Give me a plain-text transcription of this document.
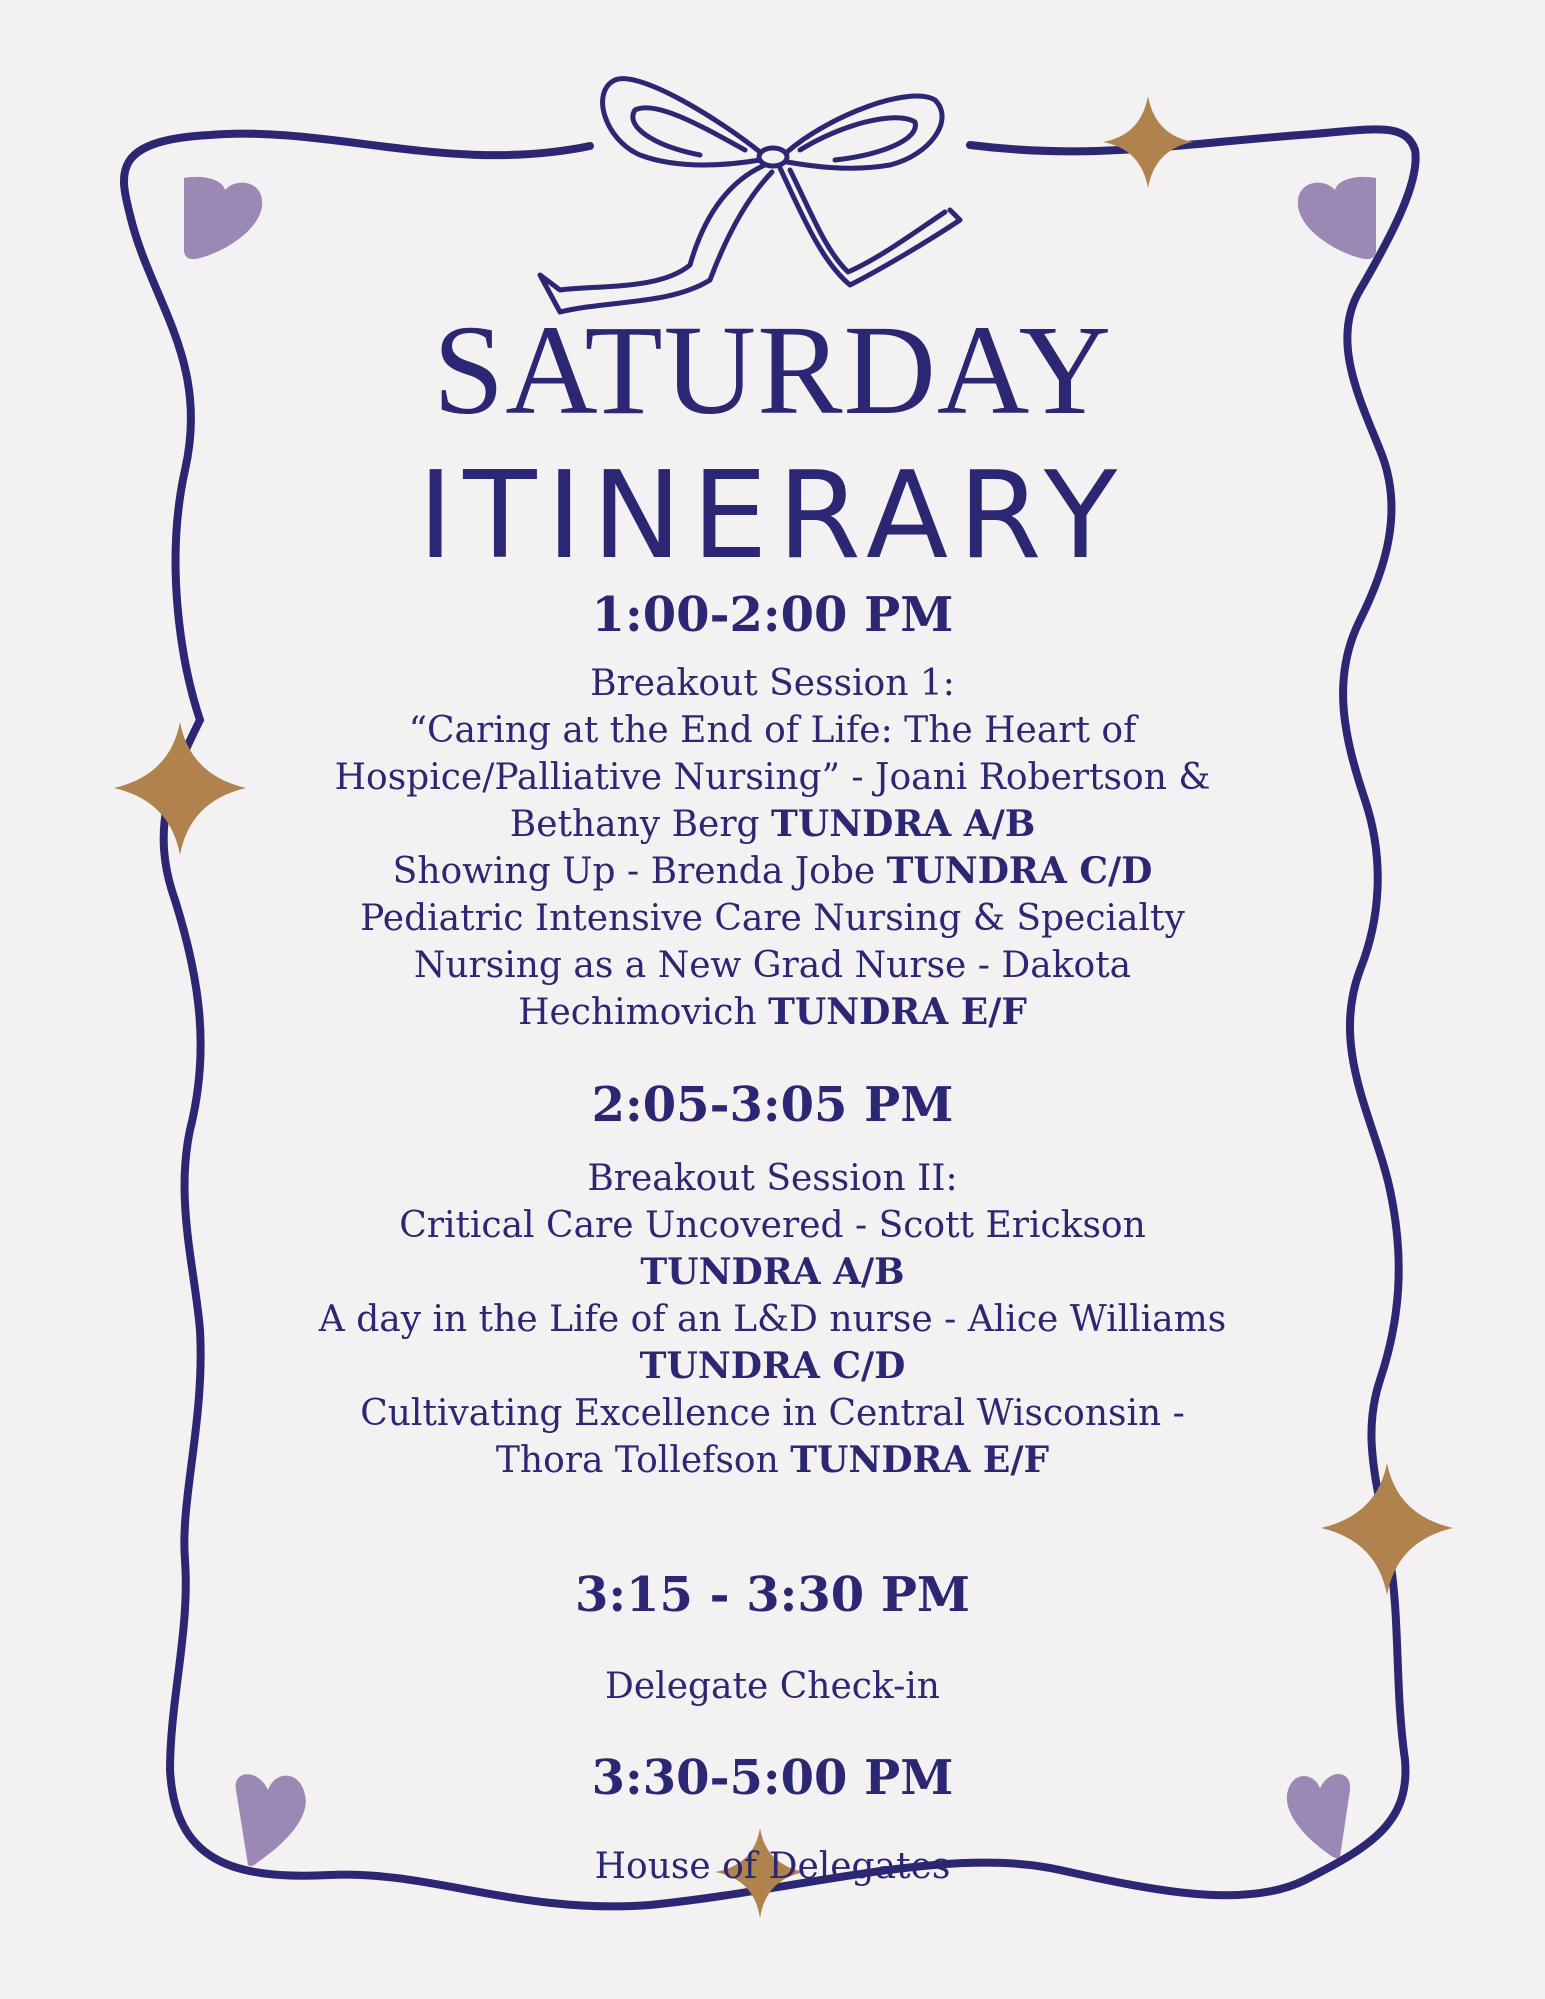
SATURDAY
ITINERARY
1:00-2:00 PM
Breakout Session 1:
“Caring at the End of Life: The Heart of
Hospice/Palliative Nursing” - Joani Robertson &
Bethany Berg TUNDRA A/B
Showing Up - Brenda Jobe TUNDRA C/D
Pediatric Intensive Care Nursing & Specialty
Nursing as a New Grad Nurse - Dakota
Hechimovich TUNDRA E/F
2:05-3:05 PM
Breakout Session II:
Critical Care Uncovered - Scott Erickson
TUNDRA A/B
A day in the Life of an L&D nurse - Alice Williams
TUNDRA C/D
Cultivating Excellence in Central Wisconsin -
Thora Tollefson TUNDRA E/F
3:15 - 3:30 PM
Delegate Check-in
3:30-5:00 PM
House of Delegates
